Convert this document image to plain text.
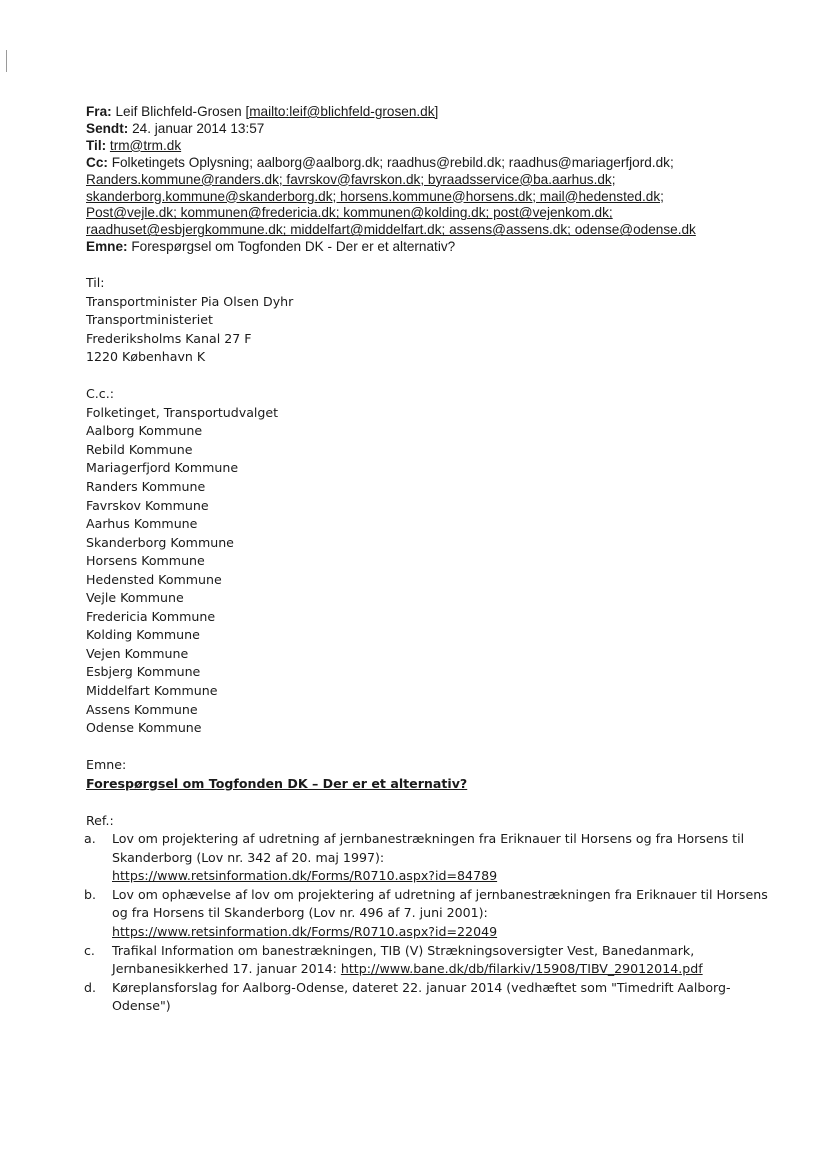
Fra: Leif Blichfeld-Grosen [mailto:leif@blichfeld-grosen.dk]
Sendt: 24. januar 2014 13:57
Til: trm@trm.dk
Cc: Folketingets Oplysning; aalborg@aalborg.dk; raadhus@rebild.dk; raadhus@mariagerfjord.dk;
Randers.kommune@randers.dk; favrskov@favrskon.dk; byraadsservice@ba.aarhus.dk;
skanderborg.kommune@skanderborg.dk; horsens.kommune@horsens.dk; mail@hedensted.dk;
Post@vejle.dk; kommunen@fredericia.dk; kommunen@kolding.dk; post@vejenkom.dk;
raadhuset@esbjergkommune.dk; middelfart@middelfart.dk; assens@assens.dk; odense@odense.dk
Emne: Forespørgsel om Togfonden DK - Der er et alternativ?
Til:
Transportminister Pia Olsen Dyhr
Transportministeriet
Frederiksholms Kanal 27 F
1220 København K
C.c.:
Folketinget, Transportudvalget
Aalborg Kommune
Rebild Kommune
Mariagerfjord Kommune
Randers Kommune
Favrskov Kommune
Aarhus Kommune
Skanderborg Kommune
Horsens Kommune
Hedensted Kommune
Vejle Kommune
Fredericia Kommune
Kolding Kommune
Vejen Kommune
Esbjerg Kommune
Middelfart Kommune
Assens Kommune
Odense Kommune
Emne:
Forespørgsel om Togfonden DK – Der er et alternativ?
Ref.:
a. Lov om projektering af udretning af jernbanestrækningen fra Eriknauer til Horsens og fra Horsens til
Skanderborg (Lov nr. 342 af 20. maj 1997):
https://www.retsinformation.dk/Forms/R0710.aspx?id=84789
b. Lov om ophævelse af lov om projektering af udretning af jernbanestrækningen fra Eriknauer til Horsens
og fra Horsens til Skanderborg (Lov nr. 496 af 7. juni 2001):
https://www.retsinformation.dk/Forms/R0710.aspx?id=22049
c. Trafikal Information om banestrækningen, TIB (V) Strækningsoversigter Vest, Banedanmark,
Jernbanesikkerhed 17. januar 2014: http://www.bane.dk/db/filarkiv/15908/TIBV_29012014.pdf
d. Køreplansforslag for Aalborg-Odense, dateret 22. januar 2014 (vedhæftet som "Timedrift Aalborg-
Odense")
